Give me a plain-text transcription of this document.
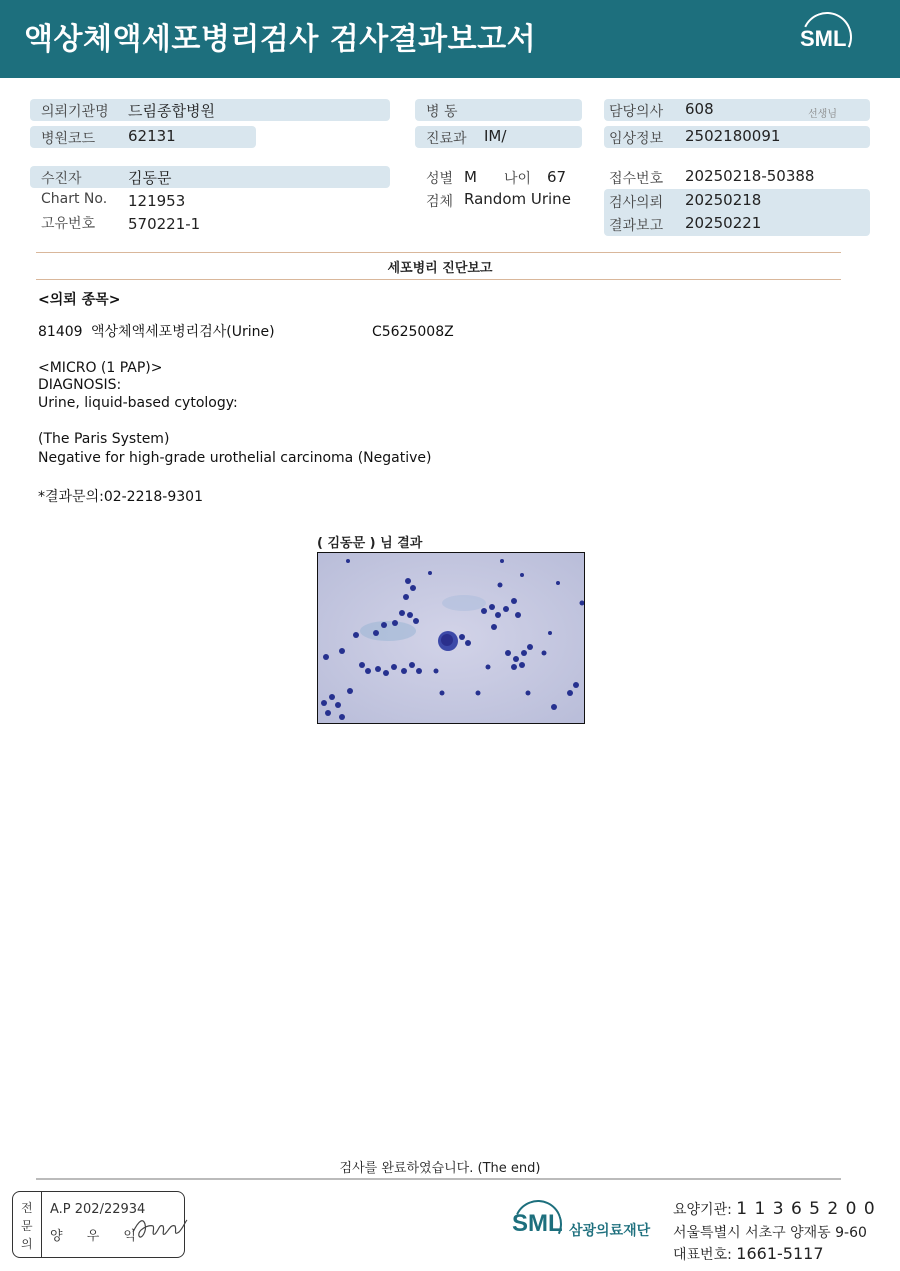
액상체액세포병리검사 검사결과보고서	SML
의뢰기관명 드림종합병원
병원코드 62131
수진자	김동문
Chart No. 121953
고유번호 570221-1
병 동
진료과 IM/
성별 M 나이 67
검체 Random Urine
담당의사 608	선생님
임상정보 2502180091
접수번호 20250218-50388
검사의뢰 20250218
결과보고 20250221
세포병리 진단보고
<의뢰 종목>
81409 액상체액세포병리검사(Urine)	C5625008Z
<MICRO (1 PAP)>
DIAGNOSIS:
Urine, liquid-based cytology:
(The Paris System)
Negative for high-grade urothelial carcinoma (Negative)
*결과문의:02-2218-9301
( 김동문 ) 님 결과
검사를 완료하였습니다. (The end)
전
문
의
A.P 202/22934
양 우 익	SML 삼광의료재단
요양기관: 1 1 3 6 5 2 0 0
서울특별시 서초구 양재동 9-60
대표번호: 1661-5117
